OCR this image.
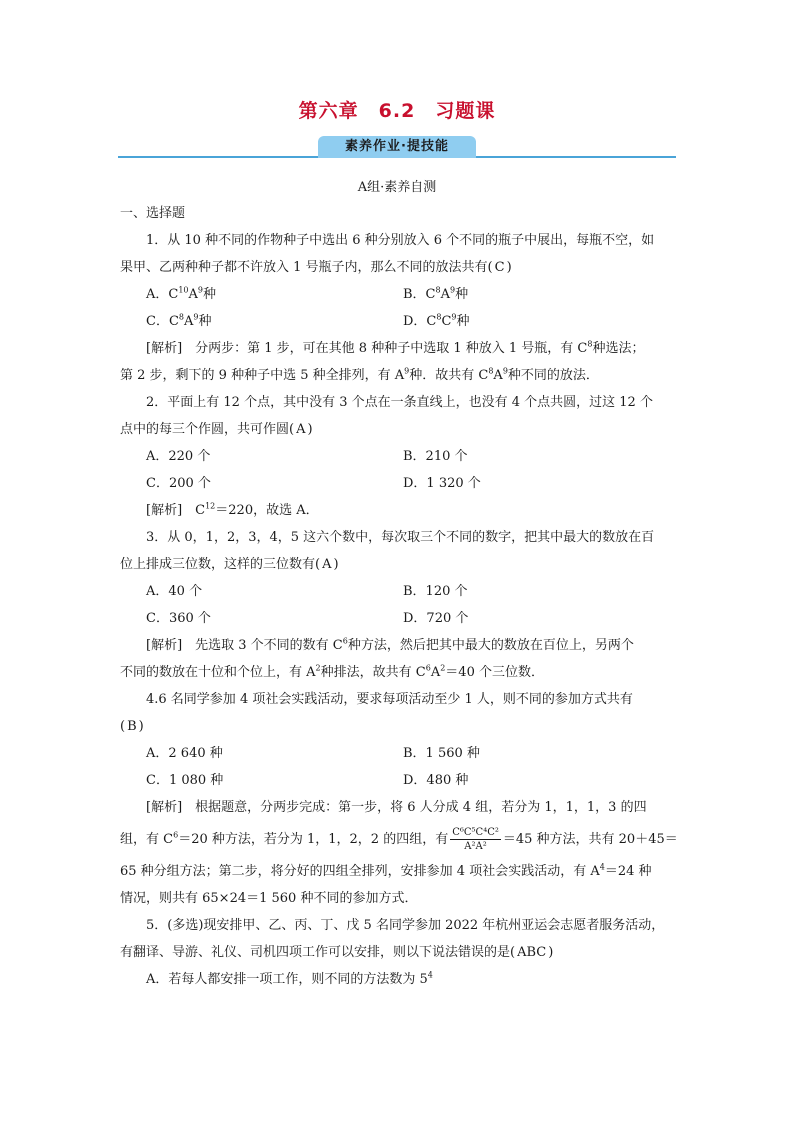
第六章　6.2　习题课
素养作业·提技能
A组·素养自测
一、选择题
1．从 10 种不同的作物种子中选出 6 种分别放入 6 个不同的瓶子中展出，每瓶不空，如
果甲、乙两种种子都不许放入 1 号瓶子内，那么不同的放法共有( C )
A．$C^{10}A^9$种	B．$C^8A^9$种
C．$C^8A^9$种	D．$C^8C^9$种
[解析]　分两步：第 1 步，可在其他 8 种种子中选取 1 种放入 1 号瓶，有 $C^8$种选法；
第 2 步，剩下的 9 种种子中选 5 种全排列，有 $A^9$种．故共有 $C^8A^9$种不同的放法．
2．平面上有 12 个点，其中没有 3 个点在一条直线上，也没有 4 个点共圆，过这 12 个
点中的每三个作圆，共可作圆( A )
A．220 个	B．210 个
C．200 个	D．1 320 个
[解析]　$C^{12}=220$，故选 A．
3．从 0，1，2，3，4，5 这六个数中，每次取三个不同的数字，把其中最大的数放在百
位上排成三位数，这样的三位数有( A )
A．40 个	B．120 个
C．360 个	D．720 个
[解析]　先选取 3 个不同的数有 $C^6$种方法，然后把其中最大的数放在百位上，另两个
不同的数放在十位和个位上，有 $A^2$种排法，故共有 $C^6A^2=40$ 个三位数．
4.6 名同学参加 4 项社会实践活动，要求每项活动至少 1 人，则不同的参加方式共有
( B )
A．2 640 种	B．1 560 种
C．1 080 种	D．480 种
[解析]　根据题意，分两步完成：第一步，将 6 人分成 4 组，若分为 1，1，1，3 的四
组，有 $C^6=20$ 种方法，若分为 1，1，2，2 的四组，有 $\frac{\text{C⁶C⁵C⁴C²}}{\text{A²A²}} =45$ 种方法，共有 20＋45＝
65 种分组方法；第二步，将分好的四组全排列，安排参加 4 项社会实践活动，有 $A^4=24$ 种
情况，则共有 65×24＝1 560 种不同的参加方式．
5．(多选)现安排甲、乙、丙、丁、戊 5 名同学参加 2022 年杭州亚运会志愿者服务活动，
有翻译、导游、礼仪、司机四项工作可以安排，则以下说法错误的是( ABC )
A．若每人都安排一项工作，则不同的方法数为 $5^4$
